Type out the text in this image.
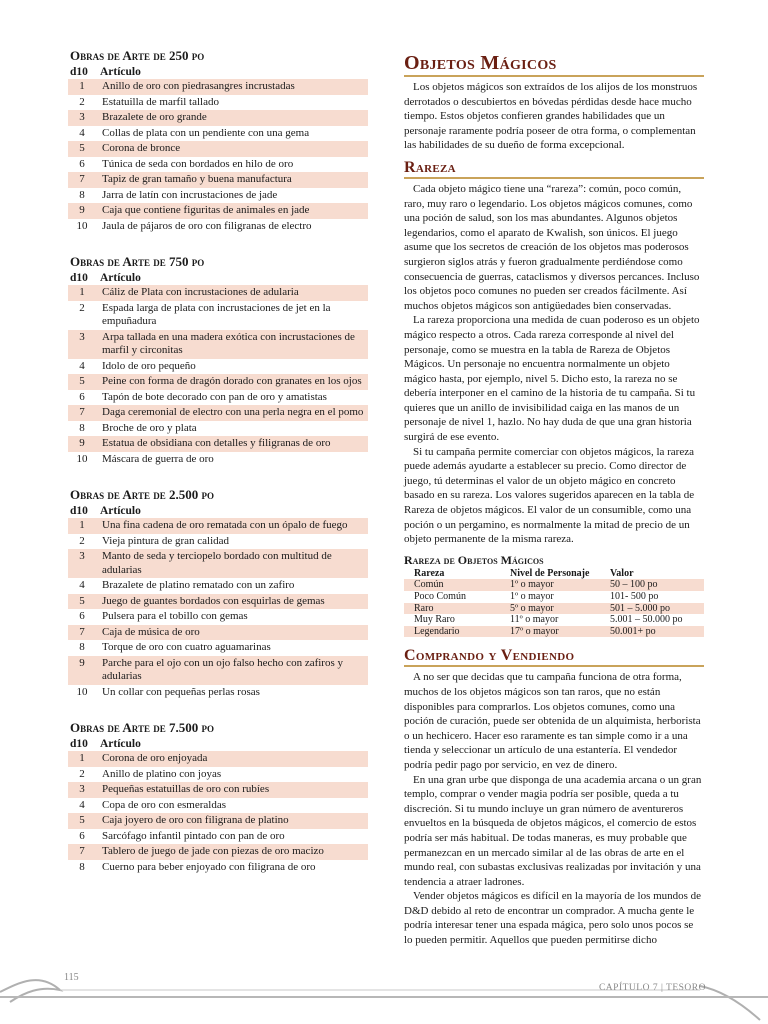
Obras de Arte de 250 po
d10	Artículo
1	Anillo de oro con piedrasangres incrustadas
2	Estatuilla de marfil tallado
3	Brazalete de oro grande
4	Collas de plata con un pendiente con una gema
5	Corona de bronce
6	Túnica de seda con bordados en hilo de oro
7	Tapiz de gran tamaño y buena manufactura
8	Jarra de latín con incrustaciones de jade
9	Caja que contiene figuritas de animales en jade
10	Jaula de pájaros de oro con filigranas de electro
Obras de Arte de 750 po
d10	Artículo
1	Cáliz de Plata con incrustaciones de adularia
2	Espada larga de plata con incrustaciones de jet en la empuñadura
3	Arpa tallada en una madera exótica con incrustaciones de marfil y circonitas
4	Idolo de oro pequeño
5	Peine con forma de dragón dorado con granates en los ojos
6	Tapón de bote decorado con pan de oro y amatistas
7	Daga ceremonial de electro con una perla negra en el pomo
8	Broche de oro y plata
9	Estatua de obsidiana con detalles y filigranas de oro
10	Máscara de guerra de oro
Obras de Arte de 2.500 po
d10	Artículo
1	Una fina cadena de oro rematada con un ópalo de fuego
2	Vieja pintura de gran calidad
3	Manto de seda y terciopelo bordado con multitud de adularias
4	Brazalete de platino rematado con un zafiro
5	Juego de guantes bordados con esquirlas de gemas
6	Pulsera para el tobillo con gemas
7	Caja de música de oro
8	Torque de oro con cuatro aguamarinas
9	Parche para el ojo con un ojo falso hecho con zafiros y adularias
10	Un collar con pequeñas perlas rosas
Obras de Arte de 7.500 po
d10	Artículo
1	Corona de oro enjoyada
2	Anillo de platino con joyas
3	Pequeñas estatuillas de oro con rubíes
4	Copa de oro con esmeraldas
5	Caja joyero de oro con filigrana de platino
6	Sarcófago infantil pintado con pan de oro
7	Tablero de juego de jade con piezas de oro macizo
8	Cuerno para beber enjoyado con filigrana de oro
Objetos Mágicos

Los objetos mágicos son extraídos de los alijos de los monstruos derrotados o descubiertos en bóvedas pérdidas desde hace mucho tiempo. Estos objetos confieren grandes habilidades que un personaje raramente podría poseer de otra forma, o complementan las habilidades de su dueño de forma excepcional.

Rareza

Cada objeto mágico tiene una “rareza”: común, poco común, raro, muy raro o legendario. Los objetos mágicos comunes, como una poción de salud, son los mas abundantes. Algunos objetos legendarios, como el aparato de Kwalish, son únicos. El juego asume que los secretos de creación de los objetos mas poderosos surgieron siglos atrás y fueron gradualmente perdiéndose como consecuencia de guerras, cataclismos y diversos percances. Incluso los objetos poco comunes no pueden ser creados fácilmente. Así muchos objetos mágicos son antigüedades bien conservadas.

La rareza proporciona una medida de cuan poderoso es un objeto mágico respecto a otros. Cada rareza corresponde al nivel del personaje, como se muestra en la tabla de Rareza de Objetos Mágicos. Un personaje no encuentra normalmente un objeto mágico hasta, por ejemplo, nivel 5. Dicho esto, la rareza no se debería interponer en el camino de la historia de tu campaña. Si tu quieres que un anillo de invisibilidad caiga en las manos de un personaje de nivel 1, hazlo. No hay duda de que una gran historia surgirá de ese evento.

Si tu campaña permite comerciar con objetos mágicos, la rareza puede además ayudarte a establecer su precio. Como director de juego, tú determinas el valor de un objeto mágico en concreto basado en su rareza. Los valores sugeridos aparecen en la tabla de Rareza de objetos mágicos. El valor de un consumible, como una poción o un pergamino, es normalmente la mitad de precio de un objeto permanente de la misma rareza.

Rareza de Objetos Mágicos
Rareza	Nivel de Personaje	Valor
Común	1º o mayor	50 – 100 po
Poco Común	1º o mayor	101- 500 po
Raro	5º o mayor	501 – 5.000 po
Muy Raro	11º o mayor	5.001 – 50.000 po
Legendario	17º o mayor	50.001+ po
Comprando y Vendiendo

A no ser que decidas que tu campaña funciona de otra forma, muchos de los objetos mágicos son tan raros, que no están disponibles para comprarlos. Los objetos comunes, como una poción de curación, puede ser obtenida de un alquimista, herborista o un hechicero. Hacer eso raramente es tan simple como ir a una tienda y seleccionar un artículo de una estantería. El vendedor podría pedir pago por servicio, en vez de dinero.

En una gran urbe que disponga de una academia arcana o un gran templo, comprar o vender magia podría ser posible, queda a tu discreción. Si tu mundo incluye un gran número de aventureros envueltos en la búsqueda de objetos mágicos, el comercio de estos podría ser más habitual. De todas maneras, es muy probable que permanezcan en un mercado similar al de las obras de arte en el mundo real, con subastas exclusivas realizadas por invitación y una tendencia a atraer ladrones.

Vender objetos mágicos es difícil en la mayoría de los mundos de D&D debido al reto de encontrar un comprador. A mucha gente le podría interesar tener una espada mágica, pero solo unos pocos se lo pueden permitir. Aquellos que pueden permitirse dicho

115
CAPÍTULO 7 | TESORO
